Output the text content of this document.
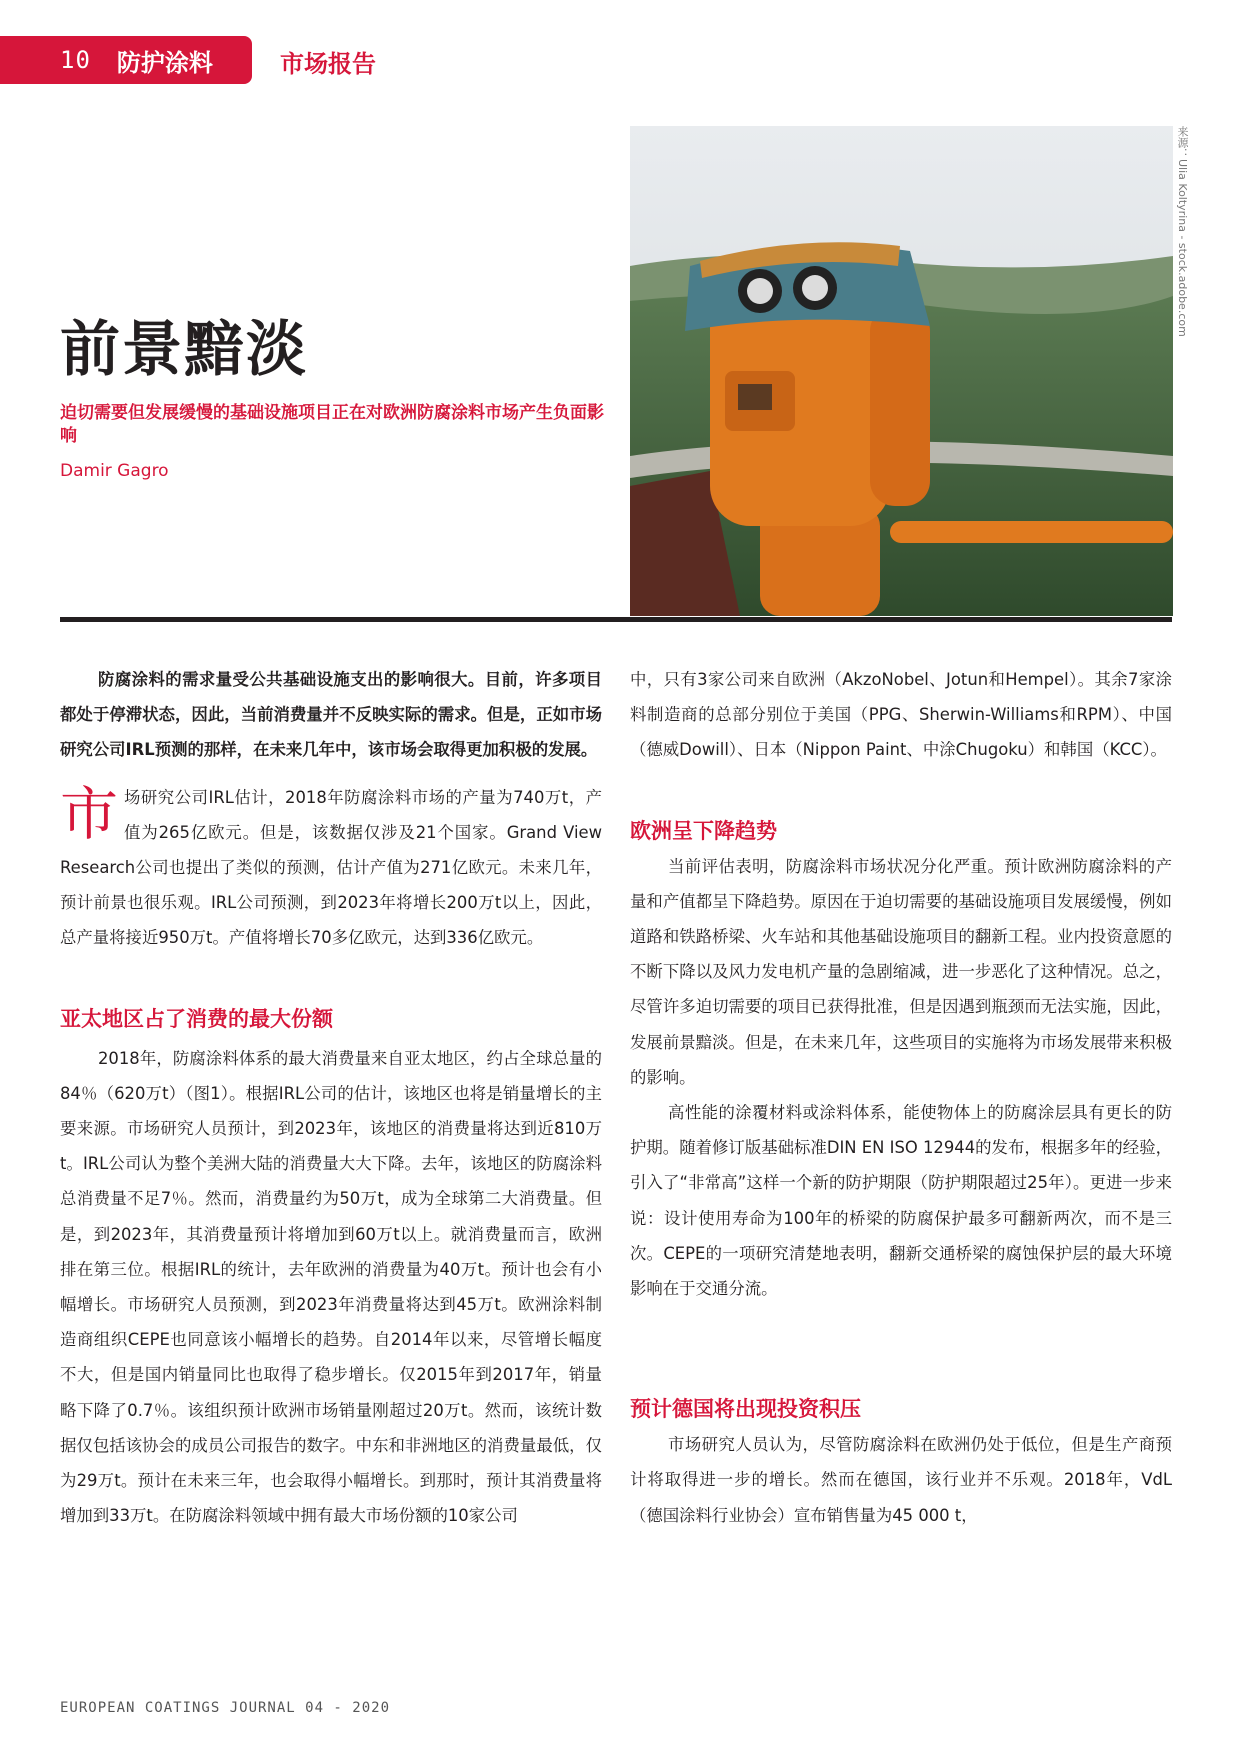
10 防护涂料	市场报告
来源：Ulia Koltyrina - stock.adobe.com
前景黯淡

迫切需要但发展缓慢的基础设施项目正在对欧洲防腐涂料市场产生负面影响

Damir Gagro

防腐涂料的需求量受公共基础设施支出的影响很大。目前，许多项目都处于停滞状态，因此，当前消费量并不反映实际的需求。但是，正如市场研究公司IRL预测的那样，在未来几年中，该市场会取得更加积极的发展。

市场研究公司IRL估计，2018年防腐涂料市场的产量为740万t，产值为265亿欧元。但是，该数据仅涉及21个国家。Grand View Research公司也提出了类似的预测，估计产值为271亿欧元。未来几年，预计前景也很乐观。IRL公司预测，到2023年将增长200万t以上，因此，总产量将接近950万t。产值将增长70多亿欧元，达到336亿欧元。

亚太地区占了消费的最大份额

2018年，防腐涂料体系的最大消费量来自亚太地区，约占全球总量的84％（620万t）（图1）。根据IRL公司的估计，该地区也将是销量增长的主要来源。市场研究人员预计，到2023年，该地区的消费量将达到近810万t。IRL公司认为整个美洲大陆的消费量大大下降。去年，该地区的防腐涂料总消费量不足7％。然而，消费量约为50万t，成为全球第二大消费量。但是，到2023年，其消费量预计将增加到60万t以上。就消费量而言，欧洲排在第三位。根据IRL的统计，去年欧洲的消费量为40万t。预计也会有小幅增长。市场研究人员预测，到2023年消费量将达到45万t。欧洲涂料制造商组织CEPE也同意该小幅增长的趋势。自2014年以来，尽管增长幅度不大，但是国内销量同比也取得了稳步增长。仅2015年到2017年，销量略下降了0.7％。该组织预计欧洲市场销量刚超过20万t。然而，该统计数据仅包括该协会的成员公司报告的数字。中东和非洲地区的消费量最低，仅为29万t。预计在未来三年，也会取得小幅增长。到那时，预计其消费量将增加到33万t。在防腐涂料领域中拥有最大市场份额的10家公司

中，只有3家公司来自欧洲（AkzoNobel、Jotun和Hempel）。其余7家涂料制造商的总部分别位于美国（PPG、Sherwin-Williams和RPM）、中国（德威Dowill）、日本（Nippon Paint、中涂Chugoku）和韩国（KCC）。

欧洲呈下降趋势

当前评估表明，防腐涂料市场状况分化严重。预计欧洲防腐涂料的产量和产值都呈下降趋势。原因在于迫切需要的基础设施项目发展缓慢，例如道路和铁路桥梁、火车站和其他基础设施项目的翻新工程。业内投资意愿的不断下降以及风力发电机产量的急剧缩减，进一步恶化了这种情况。总之，尽管许多迫切需要的项目已获得批准，但是因遇到瓶颈而无法实施，因此，发展前景黯淡。但是，在未来几年，这些项目的实施将为市场发展带来积极的影响。

高性能的涂覆材料或涂料体系，能使物体上的防腐涂层具有更长的防护期。随着修订版基础标准DIN EN ISO 12944的发布，根据多年的经验，引入了“非常高”这样一个新的防护期限（防护期限超过25年）。更进一步来说：设计使用寿命为100年的桥梁的防腐保护最多可翻新两次，而不是三次。CEPE的一项研究清楚地表明，翻新交通桥梁的腐蚀保护层的最大环境影响在于交通分流。

预计德国将出现投资积压

市场研究人员认为，尽管防腐涂料在欧洲仍处于低位，但是生产商预计将取得进一步的增长。然而在德国，该行业并不乐观。2018年，VdL（德国涂料行业协会）宣布销售量为45 000 t，

EUROPEAN COATINGS JOURNAL 04 - 2020
